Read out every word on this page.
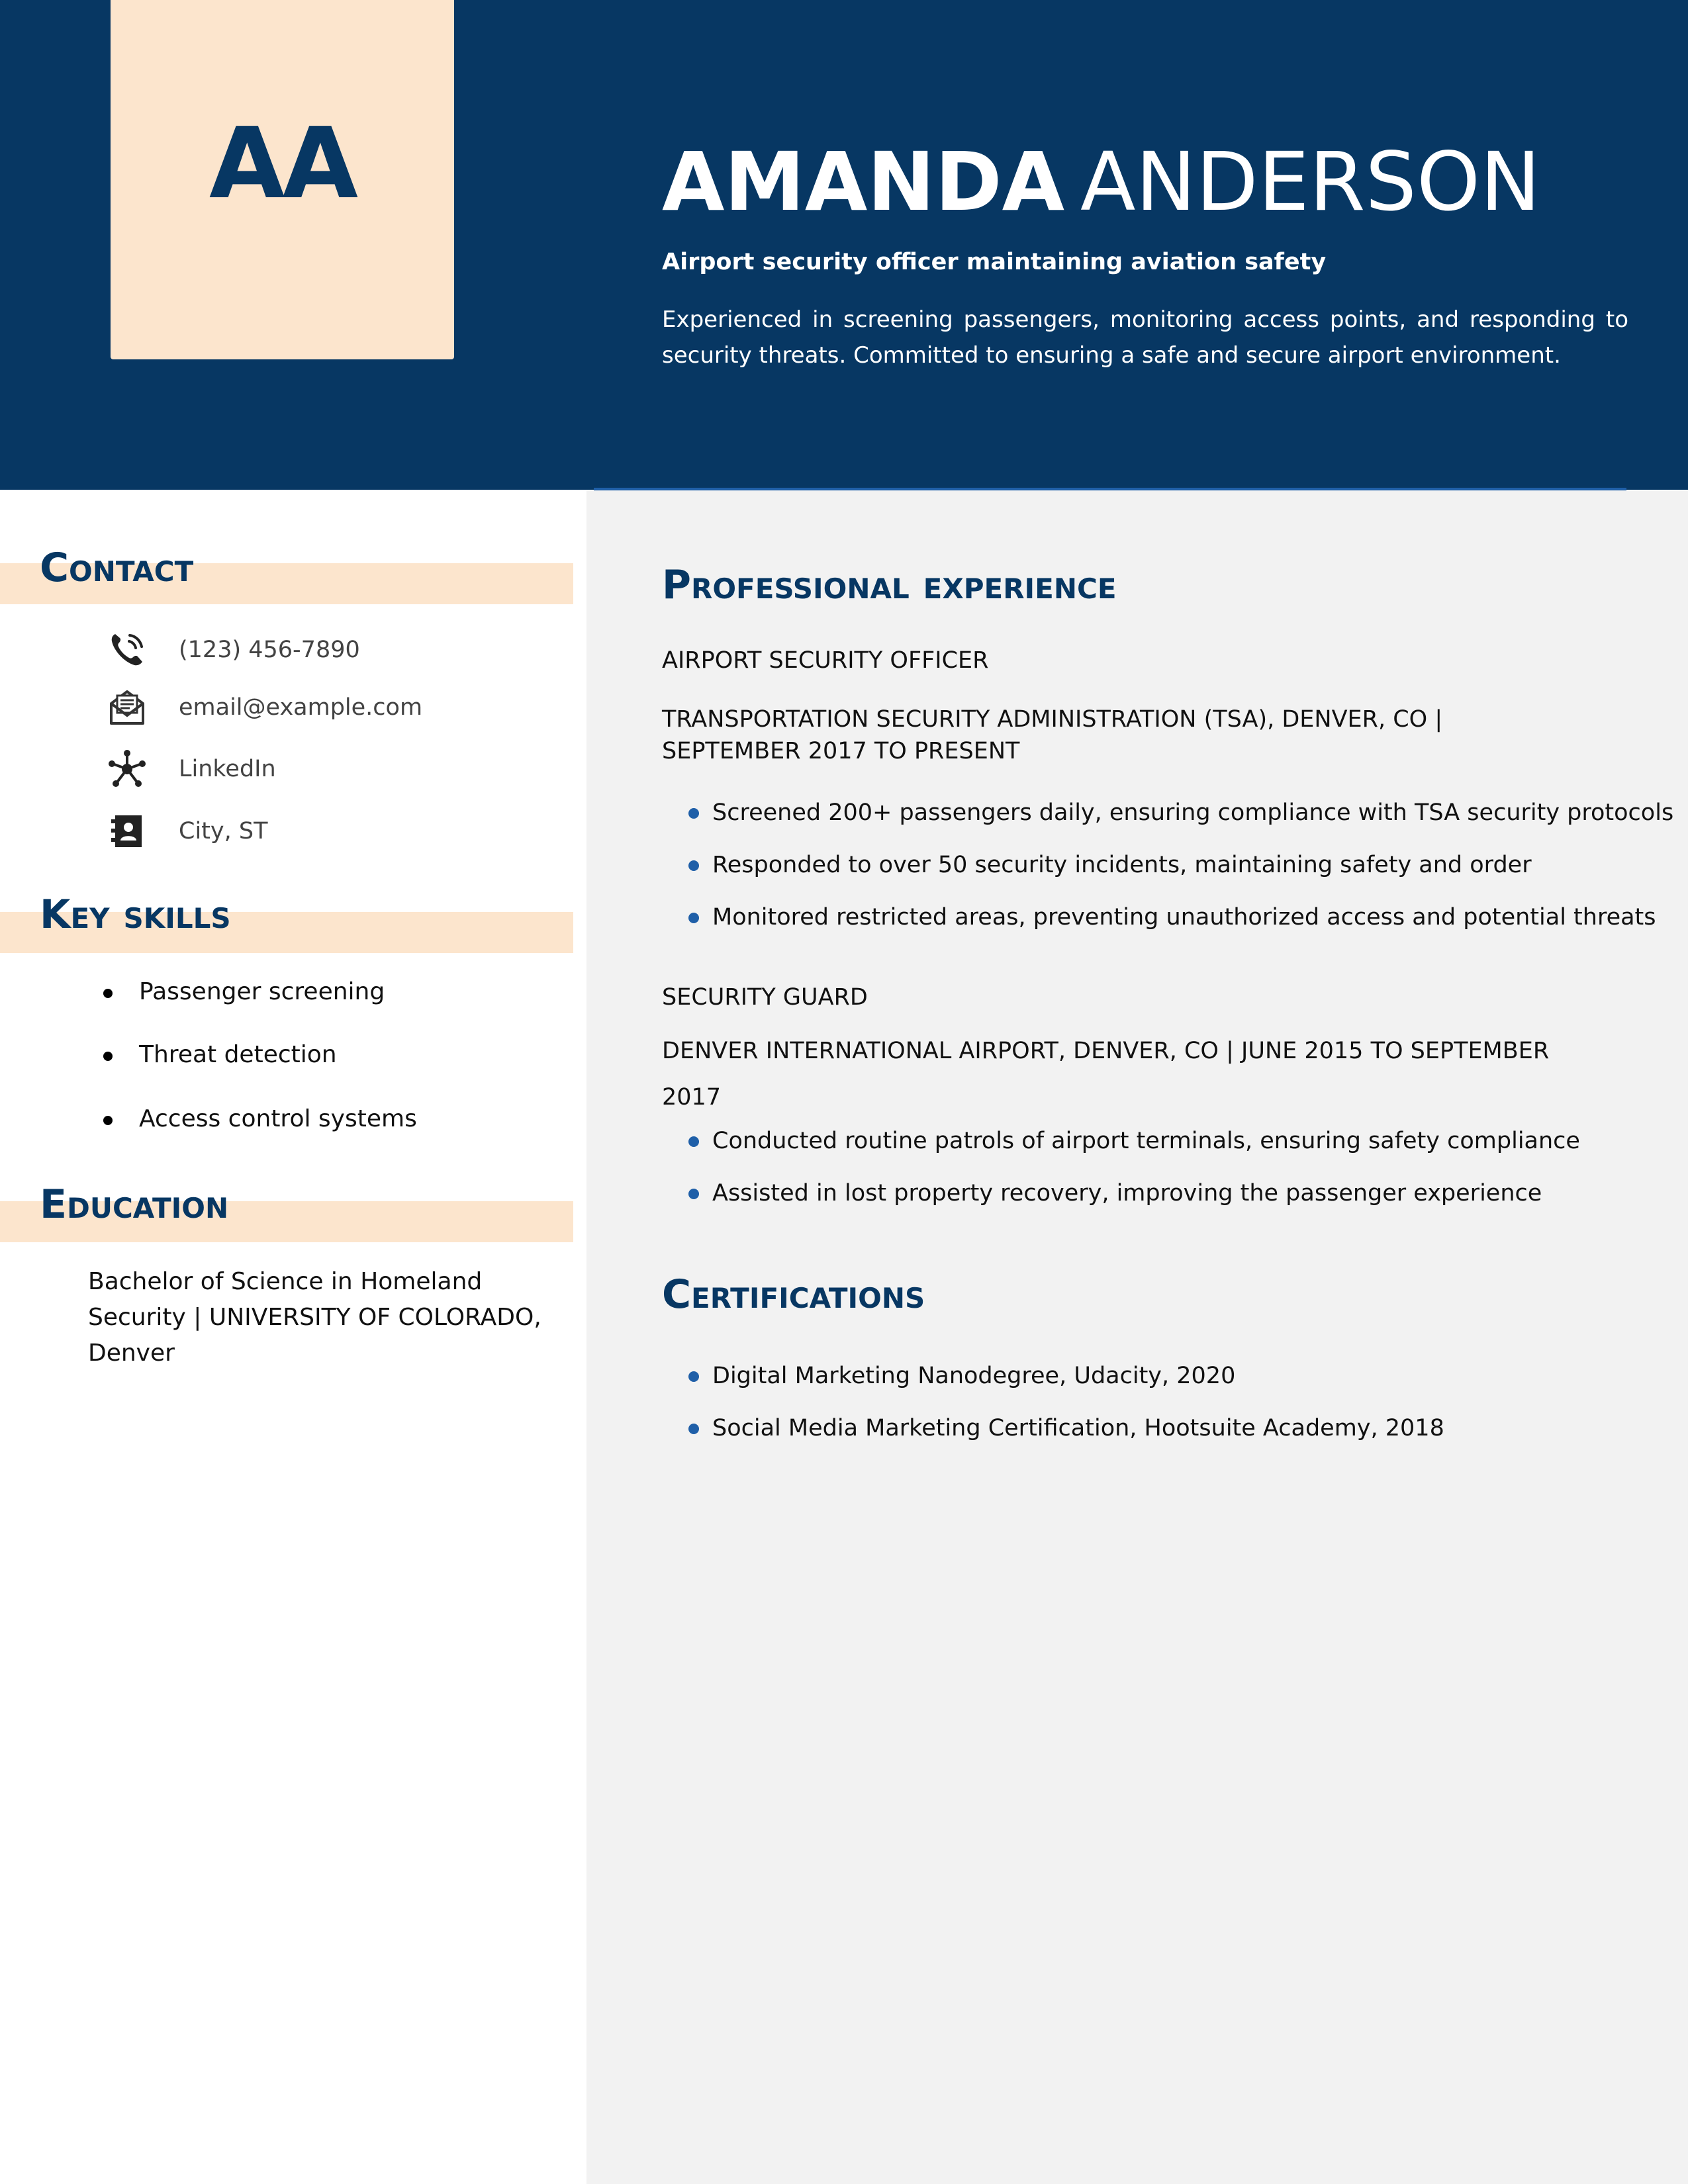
AA	AMANDA ANDERSON
Airport security officer maintaining aviation safety
Experienced in screening passengers, monitoring access points, and responding to security threats. Committed to ensuring a safe and secure airport environment.
Contact
(123) 456-7890
email@example.com
LinkedIn
City, ST
Key skills
Passenger screening
Threat detection
Access control systems
Education
Bachelor of Science in Homeland Security | UNIVERSITY OF COLORADO, Denver
Professional experience
AIRPORT SECURITY OFFICER
TRANSPORTATION SECURITY ADMINISTRATION (TSA), DENVER, CO | SEPTEMBER 2017 TO PRESENT
Screened 200+ passengers daily, ensuring compliance with TSA security protocols
Responded to over 50 security incidents, maintaining safety and order
Monitored restricted areas, preventing unauthorized access and potential threats
SECURITY GUARD
DENVER INTERNATIONAL AIRPORT, DENVER, CO | JUNE 2015 TO SEPTEMBER 2017
Conducted routine patrols of airport terminals, ensuring safety compliance
Assisted in lost property recovery, improving the passenger experience
Certifications
Digital Marketing Nanodegree, Udacity, 2020
Social Media Marketing Certification, Hootsuite Academy, 2018
